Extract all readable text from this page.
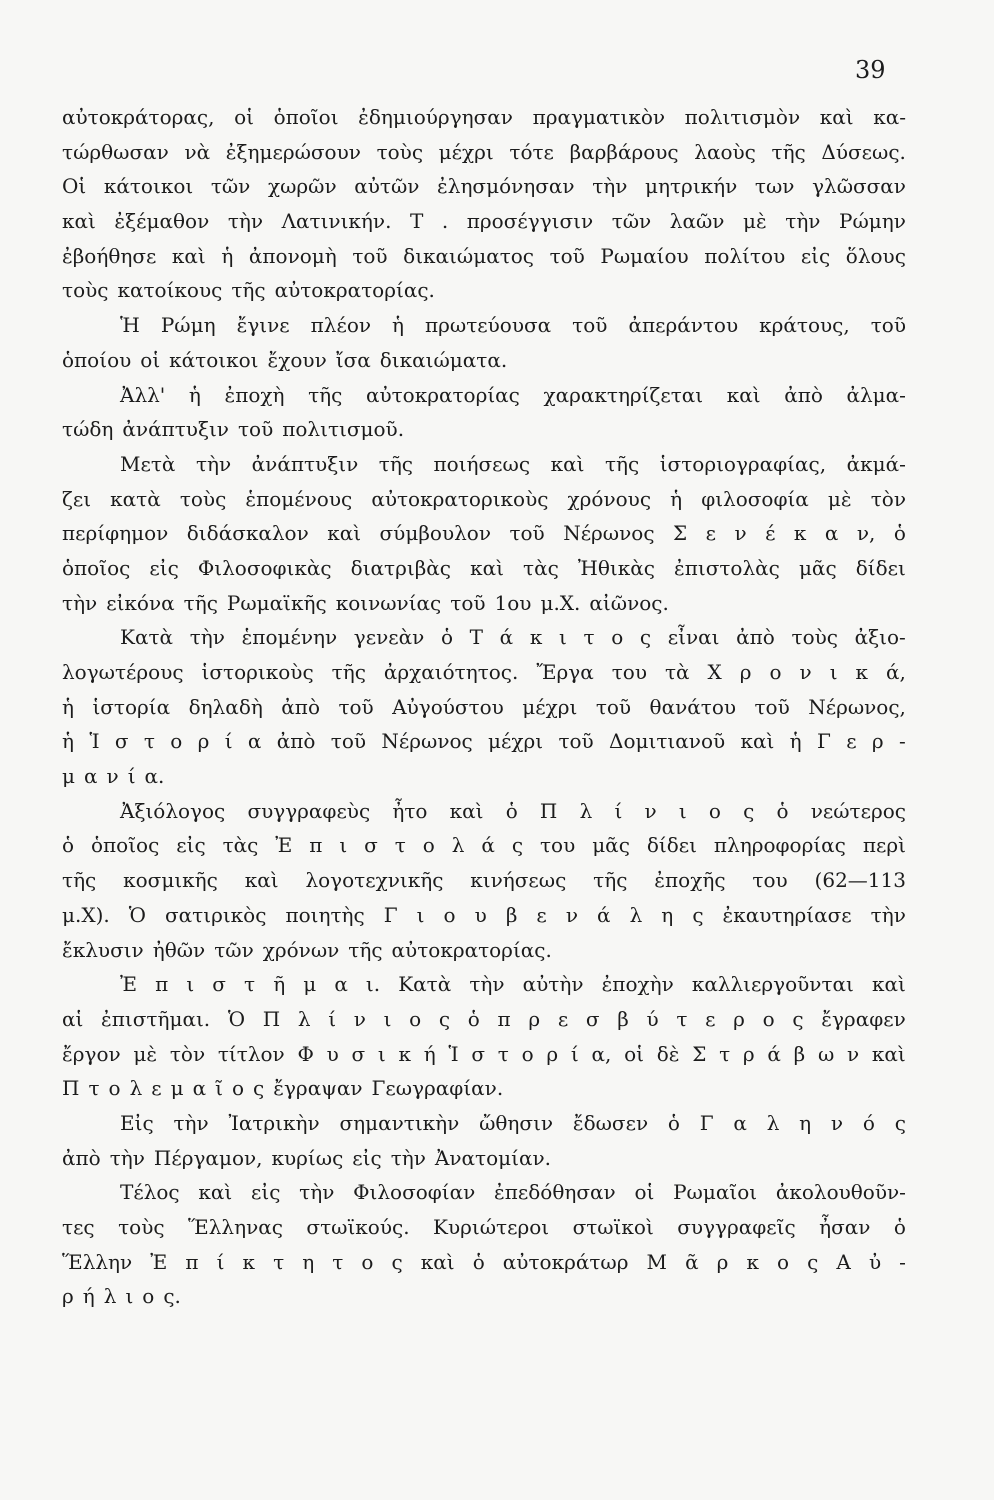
39
αὐτοκράτορας, οἱ ὁποῖοι ἐδημιούργησαν πραγματικὸν πολιτισμὸν καὶ κα-
τώρθωσαν νὰ ἐξημερώσουν τοὺς μέχρι τότε βαρβάρους λαοὺς τῆς Δύσεως.
Οἱ κάτοικοι τῶν χωρῶν αὐτῶν ἐλησμόνησαν τὴν μητρικήν των γλῶσσαν
καὶ ἐξέμαθον τὴν Λατινικήν. Τ . προσέγγισιν τῶν λαῶν μὲ τὴν Ρώμην
ἐβοήθησε καὶ ἡ ἀπονομὴ τοῦ δικαιώματος τοῦ Ρωμαίου πολίτου εἰς ὅλους
τοὺς κατοίκους τῆς αὐτοκρατορίας.
Ἡ Ρώμη ἔγινε πλέον ἡ πρωτεύουσα τοῦ ἀπεράντου κράτους, τοῦ
ὁποίου οἱ κάτοικοι ἔχουν ἴσα δικαιώματα.
Ἀλλ' ἡ ἐποχὴ τῆς αὐτοκρατορίας χαρακτηρίζεται καὶ ἀπὸ ἀλμα-
τώδη ἀνάπτυξιν τοῦ πολιτισμοῦ.
Μετὰ τὴν ἀνάπτυξιν τῆς ποιήσεως καὶ τῆς ἱστοριογραφίας, ἀκμά-
ζει κατὰ τοὺς ἑπομένους αὐτοκρατορικοὺς χρόνους ἡ φιλοσοφία μὲ τὸν
περίφημον διδάσκαλον καὶ σύμβουλον τοῦ Νέρωνος Σ ε ν έ κ α ν, ὁ
ὁποῖος εἰς Φιλοσοφικὰς διατριβὰς καὶ τὰς Ἠθικὰς ἐπιστολὰς μᾶς δίδει
τὴν εἰκόνα τῆς Ρωμαϊκῆς κοινωνίας τοῦ 1ου μ.Χ. αἰῶνος.
Κατὰ τὴν ἑπομένην γενεὰν ὁ Τ ά κ ι τ ο ς εἶναι ἀπὸ τοὺς ἀξιο-
λογωτέρους ἱστορικοὺς τῆς ἀρχαιότητος. Ἔργα του τὰ Χ ρ ο ν ι κ ά,
ἡ ἱστορία δηλαδὴ ἀπὸ τοῦ Αὐγούστου μέχρι τοῦ θανάτου τοῦ Νέρωνος,
ἡ Ἱ σ τ ο ρ ί α ἀπὸ τοῦ Νέρωνος μέχρι τοῦ Δομιτιανοῦ καὶ ἡ Γ ε ρ -
μ α ν ί α.
Ἀξιόλογος συγγραφεὺς ἦτο καὶ ὁ Π λ ί ν ι ο ς ὁ νεώτερος
ὁ ὁποῖος εἰς τὰς Ἐ π ι σ τ ο λ ά ς του μᾶς δίδει πληροφορίας περὶ
τῆς κοσμικῆς καὶ λογοτεχνικῆς κινήσεως τῆς ἐποχῆς του (62—113
μ.Χ). Ὁ σατιρικὸς ποιητὴς Γ ι ο υ β ε ν ά λ η ς ἐκαυτηρίασε τὴν
ἔκλυσιν ἠθῶν τῶν χρόνων τῆς αὐτοκρατορίας.
Ἐ π ι σ τ ῆ μ α ι. Κατὰ τὴν αὐτὴν ἐποχὴν καλλιεργοῦνται καὶ
αἱ ἐπιστῆμαι. Ὁ Π λ ί ν ι ο ς ὁ π ρ ε σ β ύ τ ε ρ ο ς ἔγραφεν
ἔργον μὲ τὸν τίτλον Φ υ σ ι κ ή Ἱ σ τ ο ρ ί α, οἱ δὲ Σ τ ρ ά β ω ν καὶ
Π τ ο λ ε μ α ῖ ο ς ἔγραψαν Γεωγραφίαν.
Εἰς τὴν Ἰατρικὴν σημαντικὴν ὤθησιν ἔδωσεν ὁ Γ α λ η ν ό ς
ἀπὸ τὴν Πέργαμον, κυρίως εἰς τὴν Ἀνατομίαν.
Τέλος καὶ εἰς τὴν Φιλοσοφίαν ἐπεδόθησαν οἱ Ρωμαῖοι ἀκολουθοῦν-
τες τοὺς Ἕλληνας στωϊκούς. Κυριώτεροι στωϊκοὶ συγγραφεῖς ἦσαν ὁ
Ἕλλην Ἐ π ί κ τ η τ ο ς καὶ ὁ αὐτοκράτωρ Μ ᾶ ρ κ ο ς Α ὐ -
ρ ή λ ι ο ς.
